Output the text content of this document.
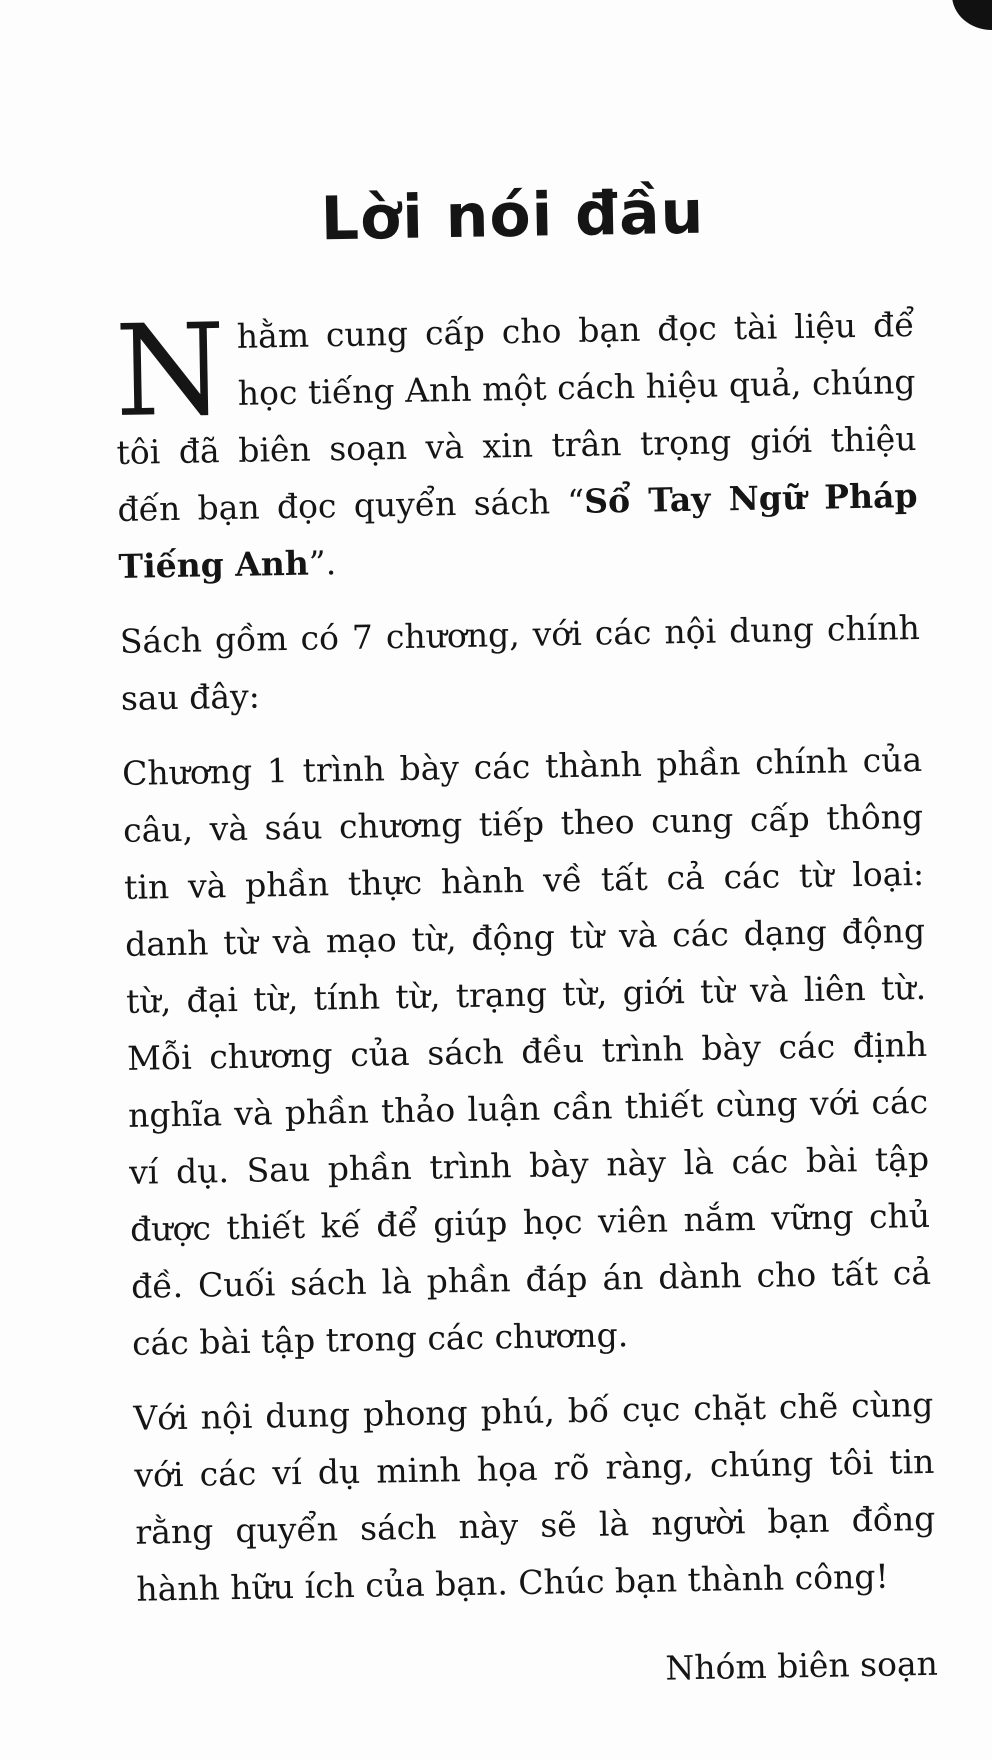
Lời nói đầu

Nhằm cung cấp cho bạn đọc tài liệu để học tiếng Anh một cách hiệu quả, chúng tôi đã biên soạn và xin trân trọng giới thiệu đến bạn đọc quyển sách “Sổ Tay Ngữ Pháp Tiếng Anh”.

Sách gồm có 7 chương, với các nội dung chính sau đây:

Chương 1 trình bày các thành phần chính của câu, và sáu chương tiếp theo cung cấp thông tin và phần thực hành về tất cả các từ loại: danh từ và mạo từ, động từ và các dạng động từ, đại từ, tính từ, trạng từ, giới từ và liên từ. Mỗi chương của sách đều trình bày các định nghĩa và phần thảo luận cần thiết cùng với các ví dụ. Sau phần trình bày này là các bài tập được thiết kế để giúp học viên nắm vững chủ đề. Cuối sách là phần đáp án dành cho tất cả các bài tập trong các chương.

Với nội dung phong phú, bố cục chặt chẽ cùng với các ví dụ minh họa rõ ràng, chúng tôi tin rằng quyển sách này sẽ là người bạn đồng hành hữu ích của bạn. Chúc bạn thành công!

Nhóm biên soạn
